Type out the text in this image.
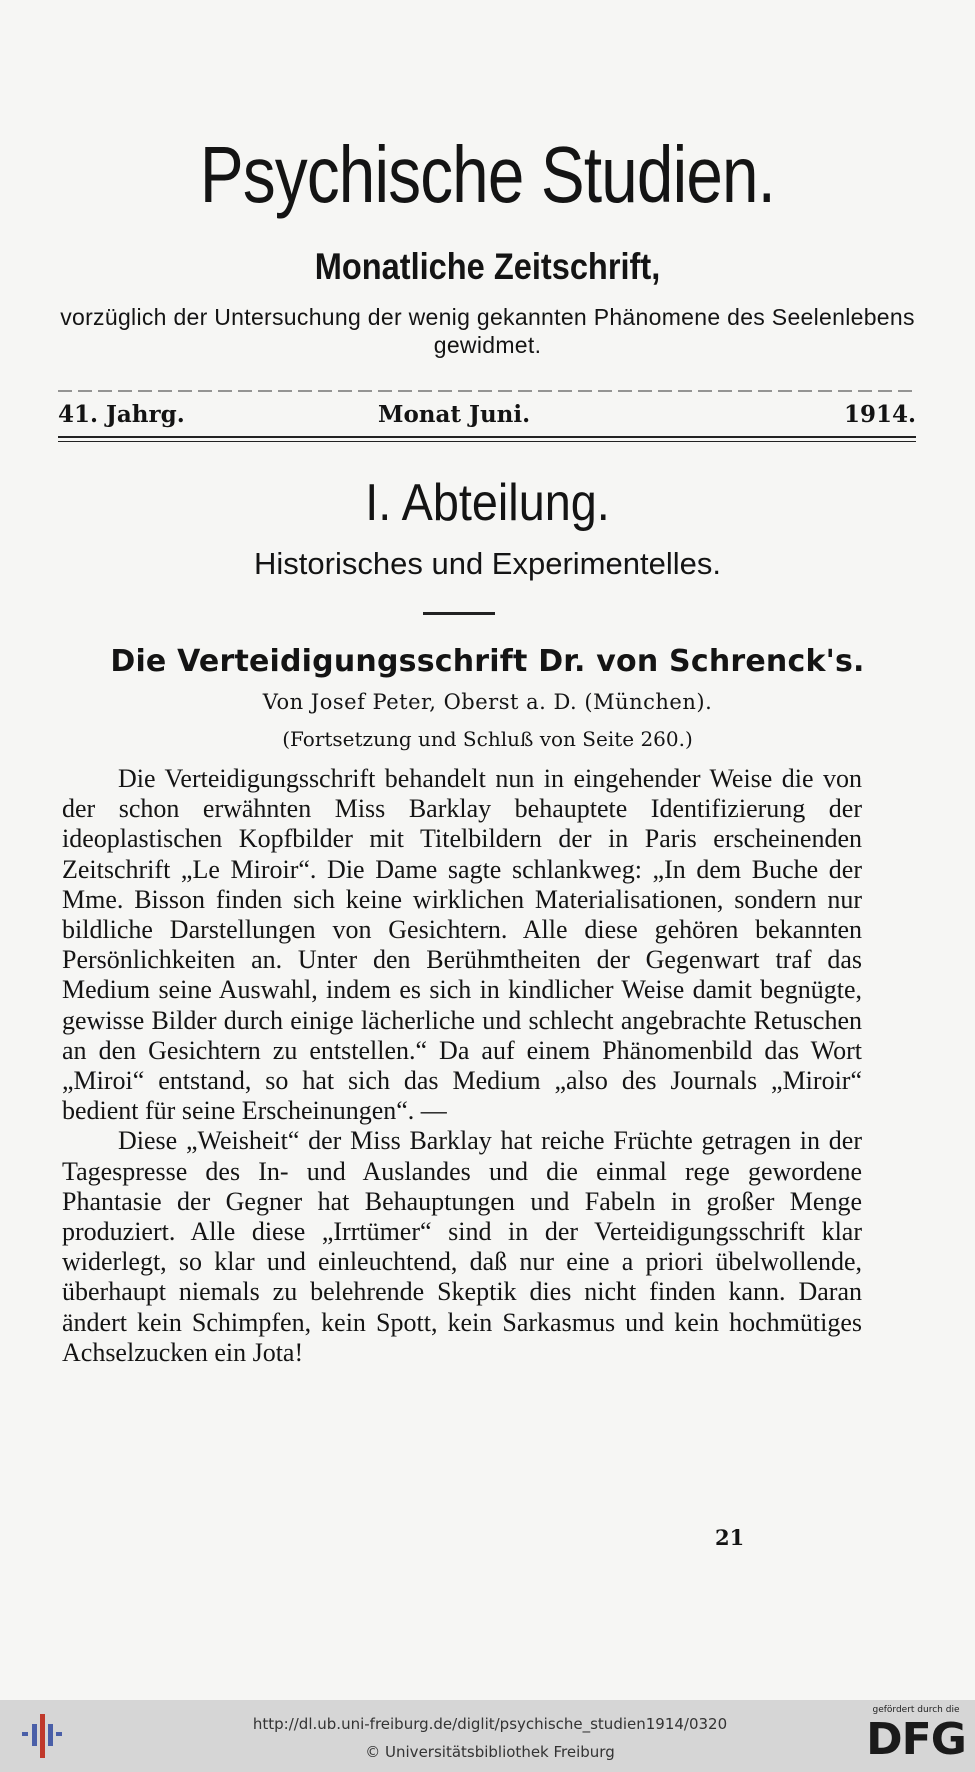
Psychische Studien.
Monatliche Zeitschrift,
vorzüglich der Untersuchung der wenig gekannten Phänomene des Seelenlebens gewidmet.
41. Jahrg.	Monat Juni.	1914.
I. Abteilung.
Historisches und Experimentelles.
Die Verteidigungsschrift Dr. von Schrenck's.
Von Josef Peter, Oberst a. D. (München).
(Fortsetzung und Schluß von Seite 260.)

Die Verteidigungsschrift behandelt nun in eingehender Weise die von der schon erwähnten Miss Barklay behauptete Identifizierung der ideoplastischen Kopfbilder mit Titelbildern der in Paris erscheinenden Zeitschrift „Le Miroir“. Die Dame sagte schlankweg: „In dem Buche der Mme. Bisson finden sich keine wirklichen Materialisationen, sondern nur bildliche Darstellungen von Gesichtern. Alle diese gehören bekannten Persönlichkeiten an. Unter den Berühmtheiten der Gegenwart traf das Medium seine Auswahl, indem es sich in kindlicher Weise damit begnügte, gewisse Bilder durch einige lächerliche und schlecht angebrachte Retuschen an den Gesichtern zu entstellen.“ Da auf einem Phänomenbild das Wort „Miroi“ entstand, so hat sich das Medium „also des Journals „Miroir“ bedient für seine Erscheinungen“. —

Diese „Weisheit“ der Miss Barklay hat reiche Früchte getragen in der Tagespresse des In- und Auslandes und die einmal rege gewordene Phantasie der Gegner hat Behauptungen und Fabeln in großer Menge produziert. Alle diese „Irrtümer“ sind in der Verteidigungsschrift klar widerlegt, so klar und einleuchtend, daß nur eine a priori übelwollende, überhaupt niemals zu belehrende Skeptik dies nicht finden kann. Daran ändert kein Schimpfen, kein Spott, kein Sarkasmus und kein hochmütiges Achselzucken ein Jota!

21
http://dl.ub.uni-freiburg.de/diglit/psychische_studien1914/0320
© Universitätsbibliothek Freiburg
gefördert durch die
DFG
